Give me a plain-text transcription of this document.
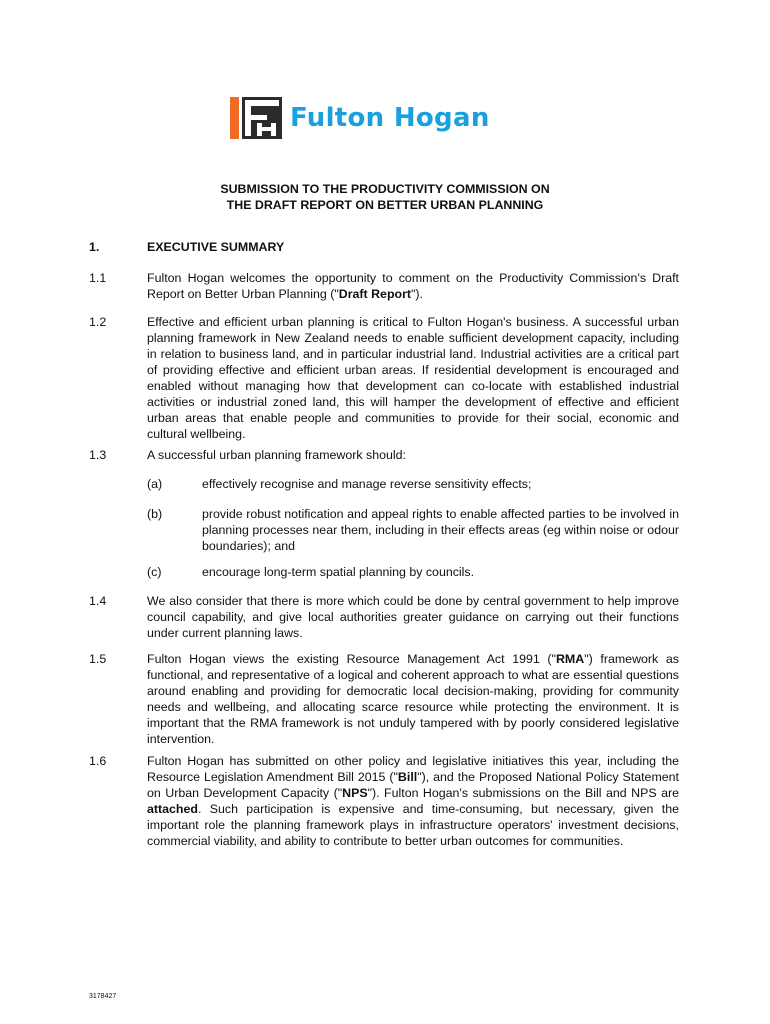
Fulton Hogan
SUBMISSION TO THE PRODUCTIVITY COMMISSION ON
THE DRAFT REPORT ON BETTER URBAN PLANNING
1.	EXECUTIVE SUMMARY
1.1	Fulton Hogan welcomes the opportunity to comment on the Productivity Commission's Draft Report on Better Urban Planning ("Draft Report").
1.2	Effective and efficient urban planning is critical to Fulton Hogan's business. A successful urban planning framework in New Zealand needs to enable sufficient development capacity, including in relation to business land, and in particular industrial land. Industrial activities are a critical part of providing effective and efficient urban areas. If residential development is encouraged and enabled without managing how that development can co-locate with established industrial activities or industrial zoned land, this will hamper the development of effective and efficient urban areas that enable people and communities to provide for their social, economic and cultural wellbeing.
1.3	A successful urban planning framework should:
(a)	effectively recognise and manage reverse sensitivity effects;
(b)	provide robust notification and appeal rights to enable affected parties to be involved in planning processes near them, including in their effects areas (eg within noise or odour boundaries); and
(c)	encourage long-term spatial planning by councils.
1.4	We also consider that there is more which could be done by central government to help improve council capability, and give local authorities greater guidance on carrying out their functions under current planning laws.
1.5	Fulton Hogan views the existing Resource Management Act 1991 ("RMA") framework as functional, and representative of a logical and coherent approach to what are essential questions around enabling and providing for democratic local decision-making, providing for community needs and wellbeing, and allocating scarce resource while protecting the environment. It is important that the RMA framework is not unduly tampered with by poorly considered legislative intervention.
1.6	Fulton Hogan has submitted on other policy and legislative initiatives this year, including the Resource Legislation Amendment Bill 2015 ("Bill"), and the Proposed National Policy Statement on Urban Development Capacity ("NPS"). Fulton Hogan's submissions on the Bill and NPS are attached. Such participation is expensive and time-consuming, but necessary, given the important role the planning framework plays in infrastructure operators' investment decisions, commercial viability, and ability to contribute to better urban outcomes for communities.
3178427
